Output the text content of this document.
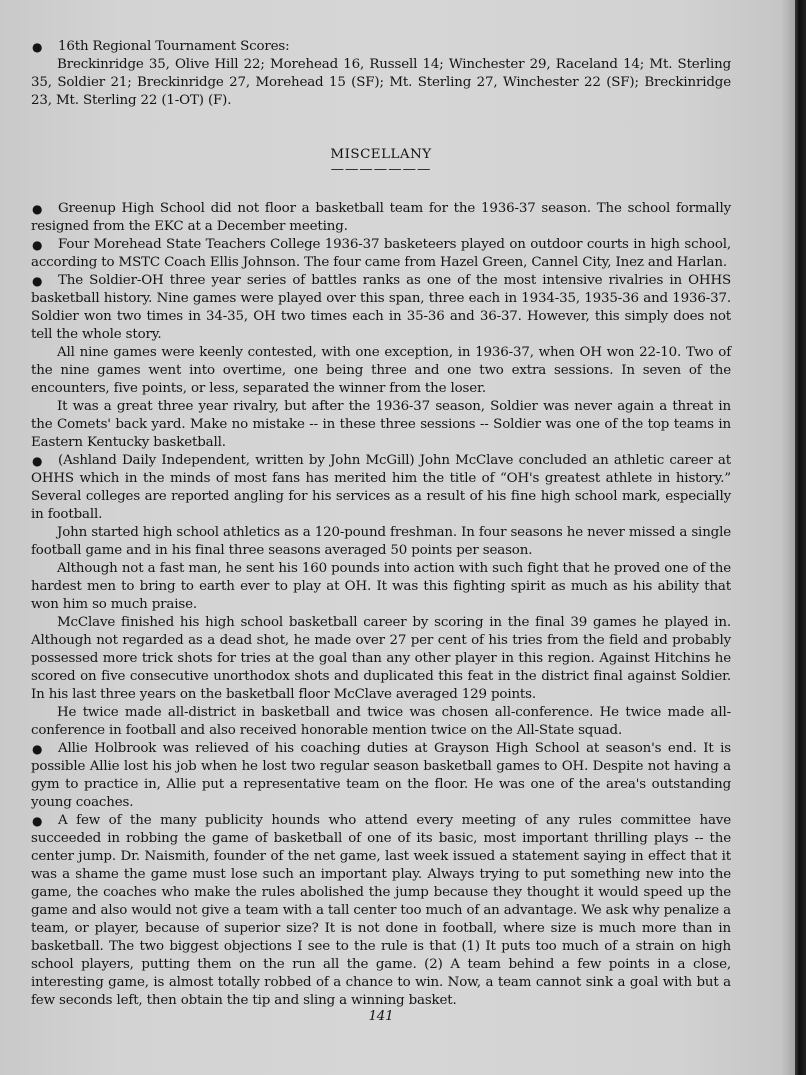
● 16th Regional Tournament Scores:

Breckinridge 35, Olive Hill 22; Morehead 16, Russell 14; Winchester 29, Raceland 14; Mt. Sterling 35, Soldier 21; Breckinridge 27, Morehead 15 (SF); Mt. Sterling 27, Winchester 22 (SF); Breckinridge 23, Mt. Sterling 22 (1-OT) (F).

MISCELLANY
———————

● Greenup High School did not floor a basketball team for the 1936-37 season. The school formally resigned from the EKC at a December meeting.

● Four Morehead State Teachers College 1936-37 basketeers played on outdoor courts in high school, according to MSTC Coach Ellis Johnson. The four came from Hazel Green, Cannel City, Inez and Harlan.

● The Soldier-OH three year series of battles ranks as one of the most intensive rivalries in OHHS basketball history. Nine games were played over this span, three each in 1934-35, 1935-36 and 1936-37. Soldier won two times in 34-35, OH two times each in 35-36 and 36-37. However, this simply does not tell the whole story.

All nine games were keenly contested, with one exception, in 1936-37, when OH won 22-10. Two of the nine games went into overtime, one being three and one two extra sessions. In seven of the encounters, five points, or less, separated the winner from the loser.

It was a great three year rivalry, but after the 1936-37 season, Soldier was never again a threat in the Comets' back yard. Make no mistake -- in these three sessions -- Soldier was one of the top teams in Eastern Kentucky basketball.

● (Ashland Daily Independent, written by John McGill) John McClave concluded an athletic career at OHHS which in the minds of most fans has merited him the title of “OH's greatest athlete in history.” Several colleges are reported angling for his services as a result of his fine high school mark, especially in football.

John started high school athletics as a 120-pound freshman. In four seasons he never missed a single football game and in his final three seasons averaged 50 points per season.

Although not a fast man, he sent his 160 pounds into action with such fight that he proved one of the hardest men to bring to earth ever to play at OH. It was this fighting spirit as much as his ability that won him so much praise.

McClave finished his high school basketball career by scoring in the final 39 games he played in. Although not regarded as a dead shot, he made over 27 per cent of his tries from the field and probably possessed more trick shots for tries at the goal than any other player in this region. Against Hitchins he scored on five consecutive unorthodox shots and duplicated this feat in the district final against Soldier. In his last three years on the basketball floor McClave averaged 129 points.

He twice made all-district in basketball and twice was chosen all-conference. He twice made all-conference in football and also received honorable mention twice on the All-State squad.

● Allie Holbrook was relieved of his coaching duties at Grayson High School at season's end. It is possible Allie lost his job when he lost two regular season basketball games to OH. Despite not having a gym to practice in, Allie put a representative team on the floor. He was one of the area's outstanding young coaches.

● A few of the many publicity hounds who attend every meeting of any rules committee have succeeded in robbing the game of basketball of one of its basic, most important thrilling plays -- the center jump. Dr. Naismith, founder of the net game, last week issued a statement saying in effect that it was a shame the game must lose such an important play. Always trying to put something new into the game, the coaches who make the rules abolished the jump because they thought it would speed up the game and also would not give a team with a tall center too much of an advantage. We ask why penalize a team, or player, because of superior size? It is not done in football, where size is much more than in basketball. The two biggest objections I see to the rule is that (1) It puts too much of a strain on high school players, putting them on the run all the game. (2) A team behind a few points in a close, interesting game, is almost totally robbed of a chance to win. Now, a team cannot sink a goal with but a few seconds left, then obtain the tip and sling a winning basket.

141
